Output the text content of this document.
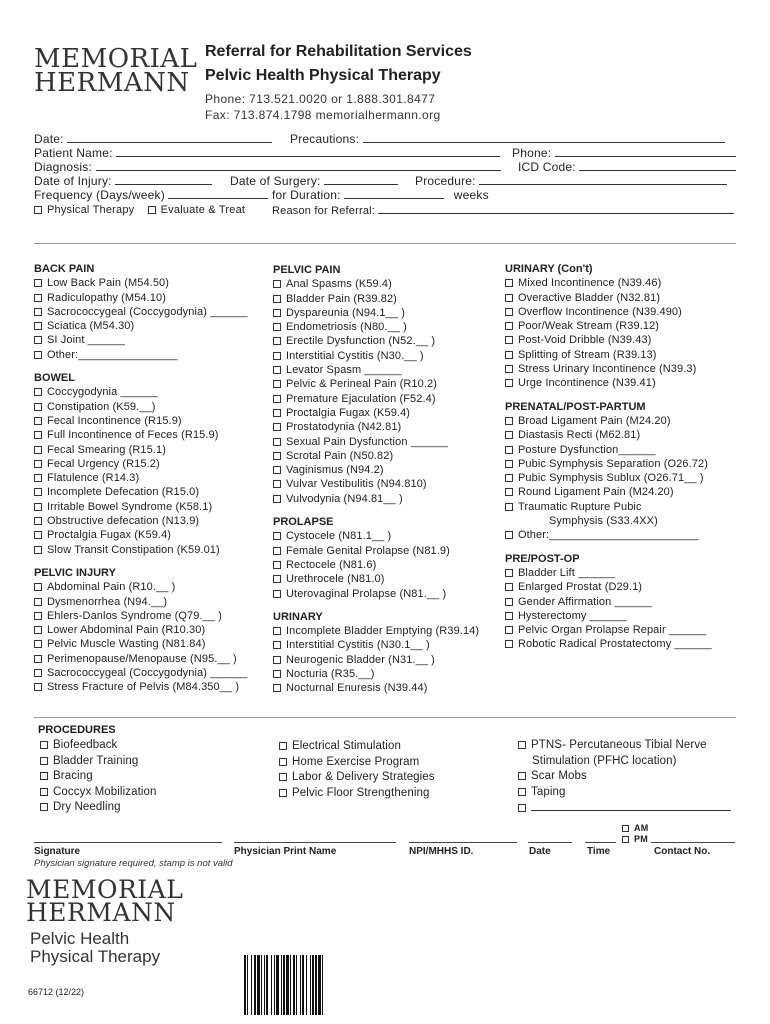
MEMORIAL
HERMANN
Referral for Rehabilitation Services
Pelvic Health Physical Therapy
Phone: 713.521.0020 or 1.888.301.8477
Fax: 713.874.1798 memorialhermann.org
Date:	Precautions:
Patient Name:	Phone:
Diagnosis:	ICD Code:
Date of Injury:	Date of Surgery:	Procedure:
Frequency (Days/week)	for Duration:	weeks
Physical Therapy Evaluate & Treat Reason for Referral:
BACK PAIN
Low Back Pain (M54.50)
Radiculopathy (M54.10)
Sacrococcygeal (Coccygodynia) ______
Sciatica (M54.30)
SI Joint ______
Other:________________
BOWEL
Coccygodynia ______
Constipation (K59.__)
Fecal Incontinence (R15.9)
Full Incontinence of Feces (R15.9)
Fecal Smearing (R15.1)
Fecal Urgency (R15.2)
Flatulence (R14.3)
Incomplete Defecation (R15.0)
Irritable Bowel Syndrome (K58.1)
Obstructive defecation (N13.9)
Proctalgia Fugax (K59.4)
Slow Transit Constipation (K59.01)
PELVIC INJURY
Abdominal Pain (R10.__ )
Dysmenorrhea (N94.__)
Ehlers-Danlos Syndrome (Q79.__ )
Lower Abdominal Pain (R10.30)
Pelvic Muscle Wasting (N81.84)
Perimenopause/Menopause (N95.__ )
Sacrococcygeal (Coccygodynia) ______
Stress Fracture of Pelvis (M84.350__ )
PELVIC PAIN
Anal Spasms (K59.4)
Bladder Pain (R39.82)
Dyspareunia (N94.1__ )
Endometriosis (N80.__ )
Erectile Dysfunction (N52.__ )
Interstitial Cystitis (N30.__ )
Levator Spasm ______
Pelvic & Perineal Pain (R10.2)
Premature Ejaculation (F52.4)
Proctalgia Fugax (K59.4)
Prostatodynia (N42.81)
Sexual Pain Dysfunction ______
Scrotal Pain (N50.82)
Vaginismus (N94.2)
Vulvar Vestibulitis (N94.810)
Vulvodynia (N94.81__ )
PROLAPSE
Cystocele (N81.1__ )
Female Genital Prolapse (N81.9)
Rectocele (N81.6)
Urethrocele (N81.0)
Uterovaginal Prolapse (N81.__ )
URINARY
Incomplete Bladder Emptying (R39.14)
Interstitial Cystitis (N30.1__ )
Neurogenic Bladder (N31.__ )
Nocturia (R35.__)
Nocturnal Enuresis (N39.44)
URINARY (Con't)
Mixed Incontinence (N39.46)
Overactive Bladder (N32.81)
Overflow Incontinence (N39.490)
Poor/Weak Stream (R39.12)
Post-Void Dribble (N39.43)
Splitting of Stream (R39.13)
Stress Urinary Incontinence (N39.3)
Urge Incontinence (N39.41)
PRENATAL/POST-PARTUM
Broad Ligament Pain (M24.20)
Diastasis Recti (M62.81)
Posture Dysfunction______
Pubic Symphysis Separation (O26.72)
Pubic Symphysis Sublux (O26.71__ )
Round Ligament Pain (M24.20)
Traumatic Rupture Pubic
Symphysis (S33.4XX)
Other:________________________
PRE/POST-OP
Bladder Lift ______
Enlarged Prostat (D29.1)
Gender Affirmation ______
Hysterectomy ______
Pelvic Organ Prolapse Repair ______
Robotic Radical Prostatectomy ______
PROCEDURES
Biofeedback
Bladder Training
Bracing
Coccyx Mobilization
Dry Needling
Electrical Stimulation
Home Exercise Program
Labor & Delivery Strategies
Pelvic Floor Strengthening
PTNS- Percutaneous Tibial Nerve
Stimulation (PFHC location)
Scar Mobs
Taping
AM
PM
Signature	Physician Print Name	NPI/MHHS ID.	Date	Time	Contact No.
Physician signature required, stamp is not valid
MEMORIAL
HERMANN
Pelvic Health
Physical Therapy
66712 (12/22)
